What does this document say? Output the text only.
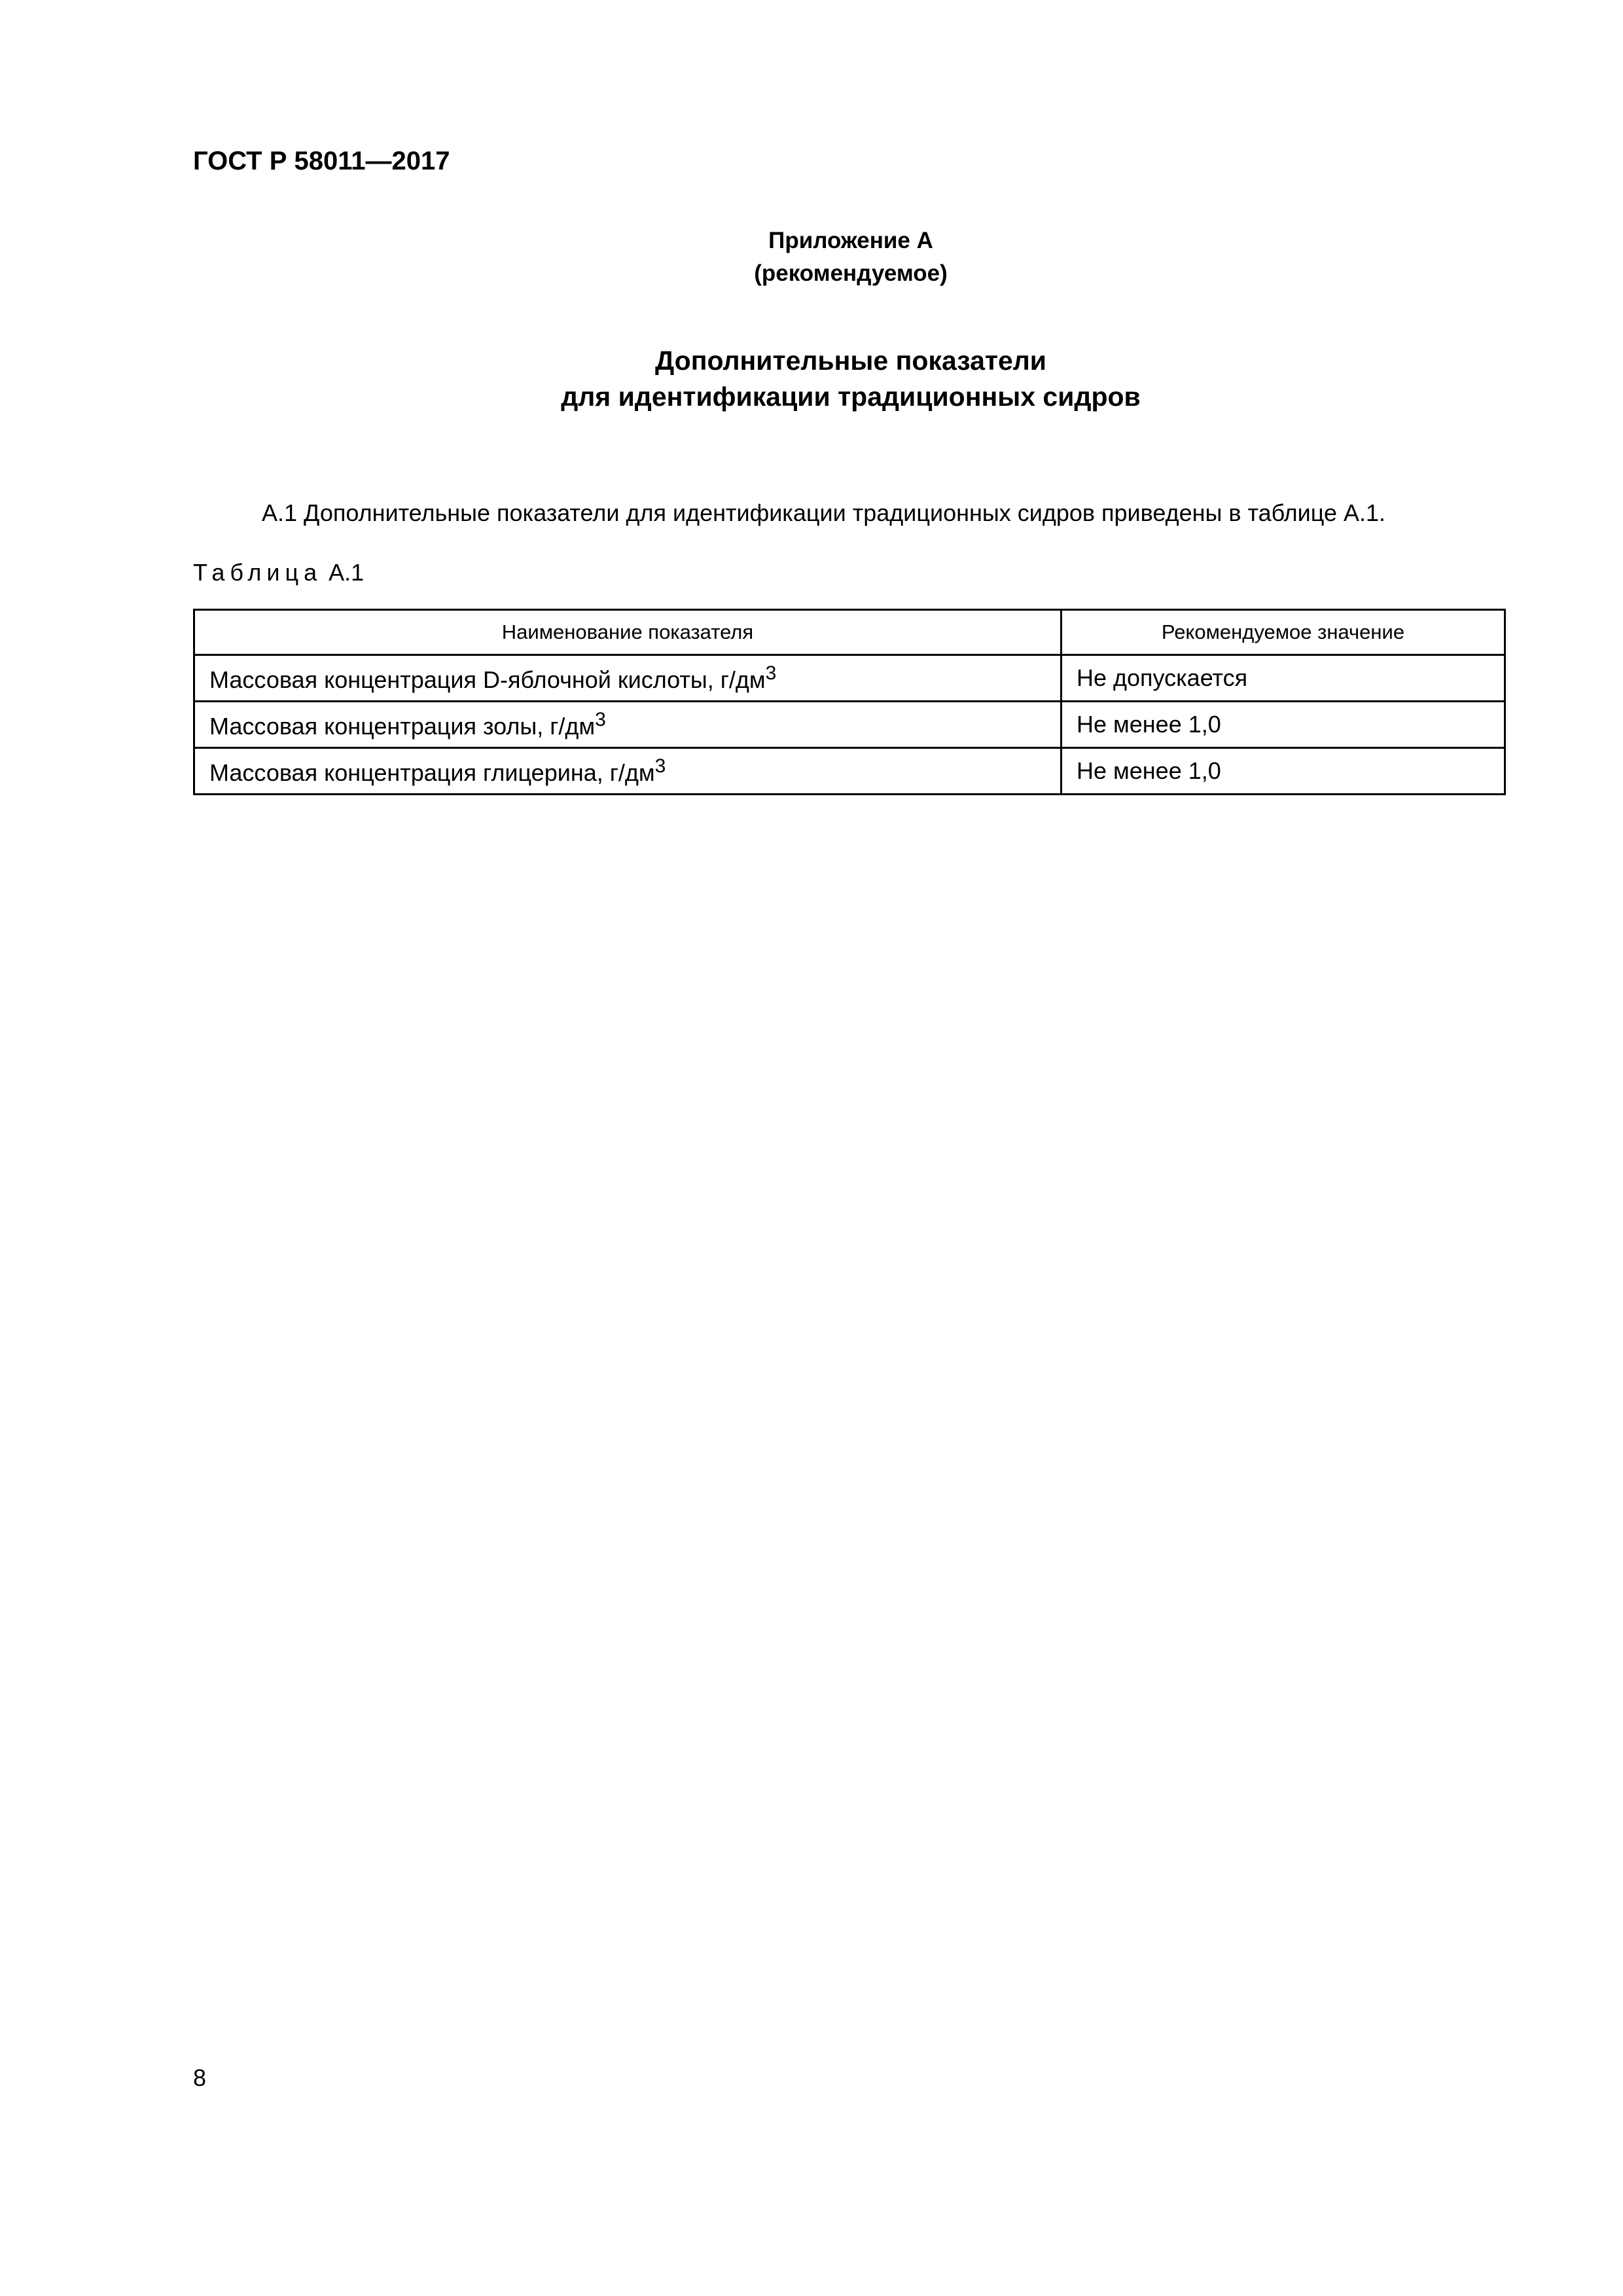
ГОСТ Р 58011—2017
Приложение А
(рекомендуемое)
Дополнительные показатели
для идентификации традиционных сидров
А.1 Дополнительные показатели для идентификации традиционных сидров приведены в таблице А.1.
Таблица А.1
Наименование показателя	Рекомендуемое значение
Массовая концентрация D-яблочной кислоты, $г/дм^3$	Не допускается
Массовая концентрация золы, $г/дм^3$	Не менее 1,0
Массовая концентрация глицерина, $г/дм^3$	Не менее 1,0
8
